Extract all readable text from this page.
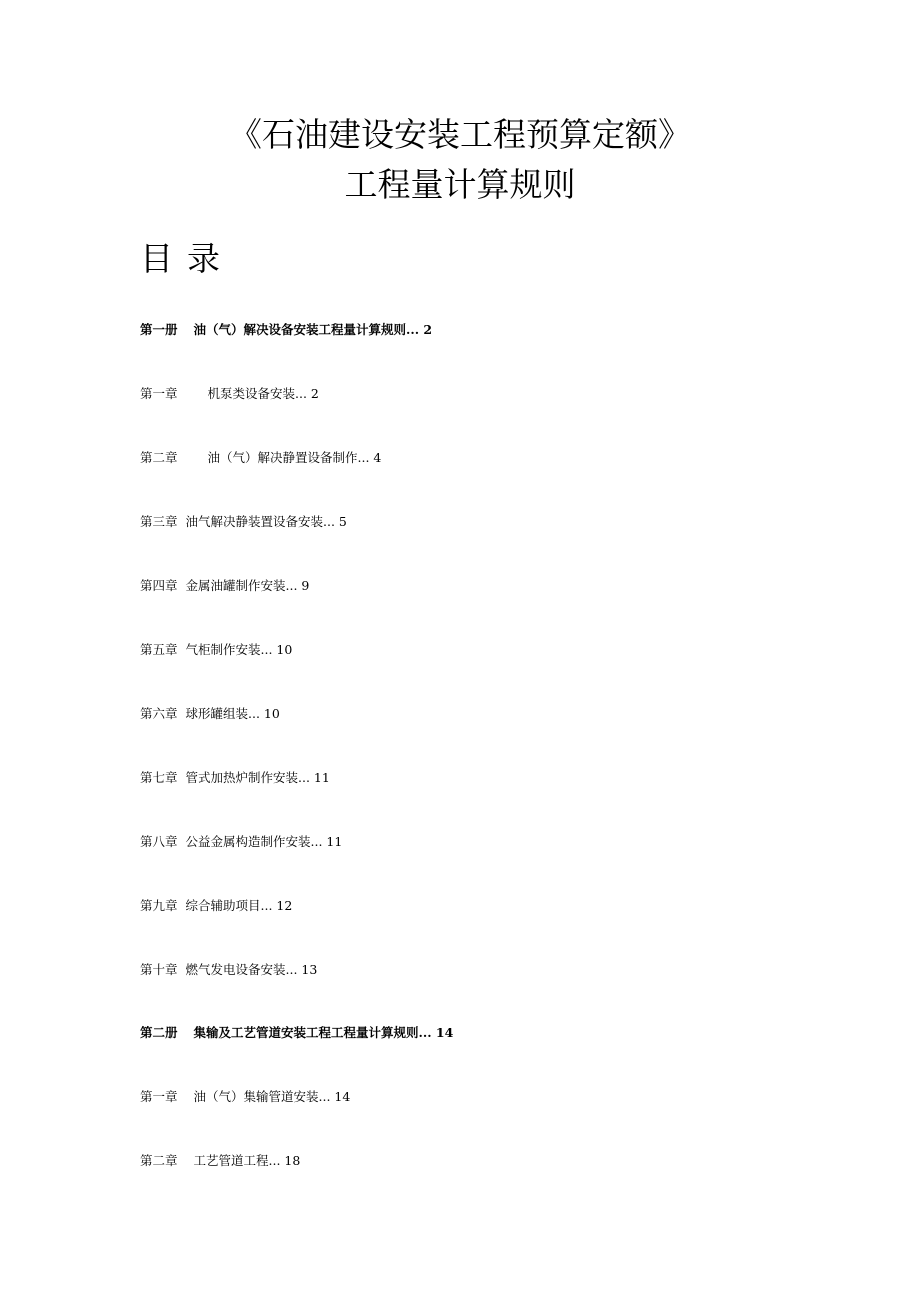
《石油建设安装工程预算定额》
工程量计算规则
目录
第一册 油（气）解决设备安装工程量计算规则... 2
第一章 机泵类设备安装... 2
第二章 油（气）解决静置设备制作... 4
第三章 油气解决静装置设备安装... 5
第四章 金属油罐制作安装... 9
第五章 气柜制作安装... 10
第六章 球形罐组装... 10
第七章 管式加热炉制作安装... 11
第八章 公益金属构造制作安装... 11
第九章 综合辅助项目... 12
第十章 燃气发电设备安装... 13
第二册 集输及工艺管道安装工程工程量计算规则... 14
第一章 油（气）集输管道安装... 14
第二章 工艺管道工程... 18
